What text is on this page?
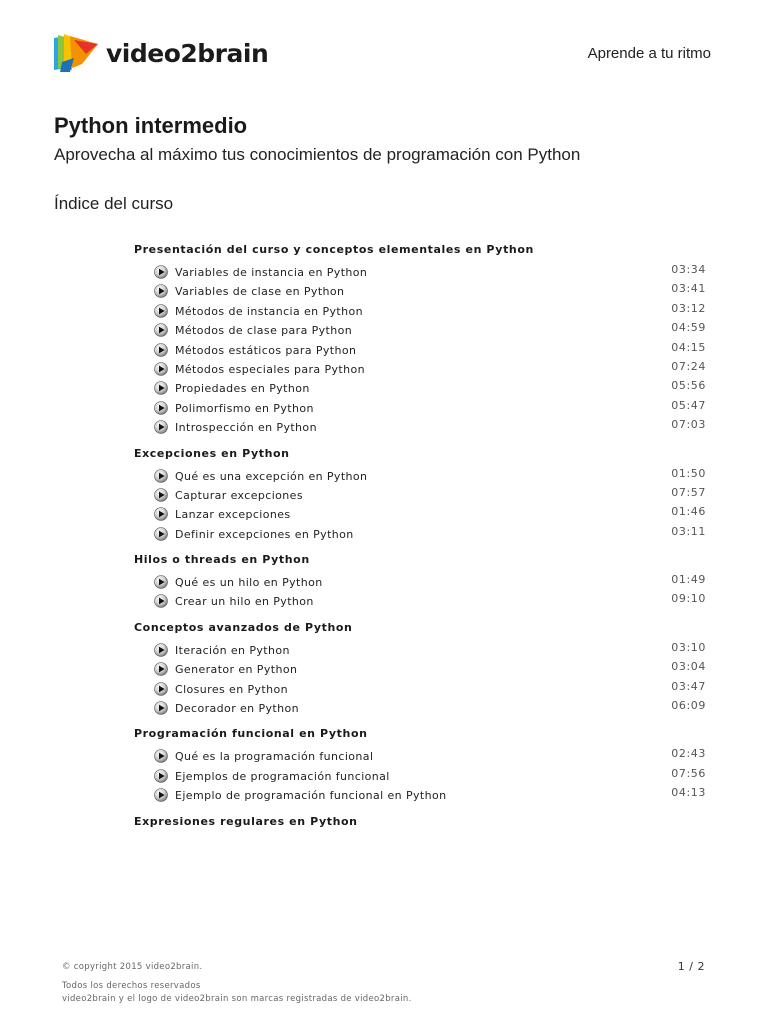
video2brain	Aprende a tu ritmo
Python intermedio

Aprovecha al máximo tus conocimientos de programación con Python

Índice del curso

Presentación del curso y conceptos elementales en Python
Variables de instancia en Python	03:34
Variables de clase en Python	03:41
Métodos de instancia en Python	03:12
Métodos de clase para Python	04:59
Métodos estáticos para Python	04:15
Métodos especiales para Python	07:24
Propiedades en Python	05:56
Polimorfismo en Python	05:47
Introspección en Python	07:03
Excepciones en Python
Qué es una excepción en Python	01:50
Capturar excepciones	07:57
Lanzar excepciones	01:46
Definir excepciones en Python	03:11
Hilos o threads en Python
Qué es un hilo en Python	01:49
Crear un hilo en Python	09:10
Conceptos avanzados de Python
Iteración en Python	03:10
Generator en Python	03:04
Closures en Python	03:47
Decorador en Python	06:09
Programación funcional en Python
Qué es la programación funcional	02:43
Ejemplos de programación funcional	07:56
Ejemplo de programación funcional en Python	04:13
Expresiones regulares en Python
© copyright 2015 video2brain.
Todos los derechos reservados
video2brain y el logo de video2brain son marcas registradas de video2brain.
1 / 2
